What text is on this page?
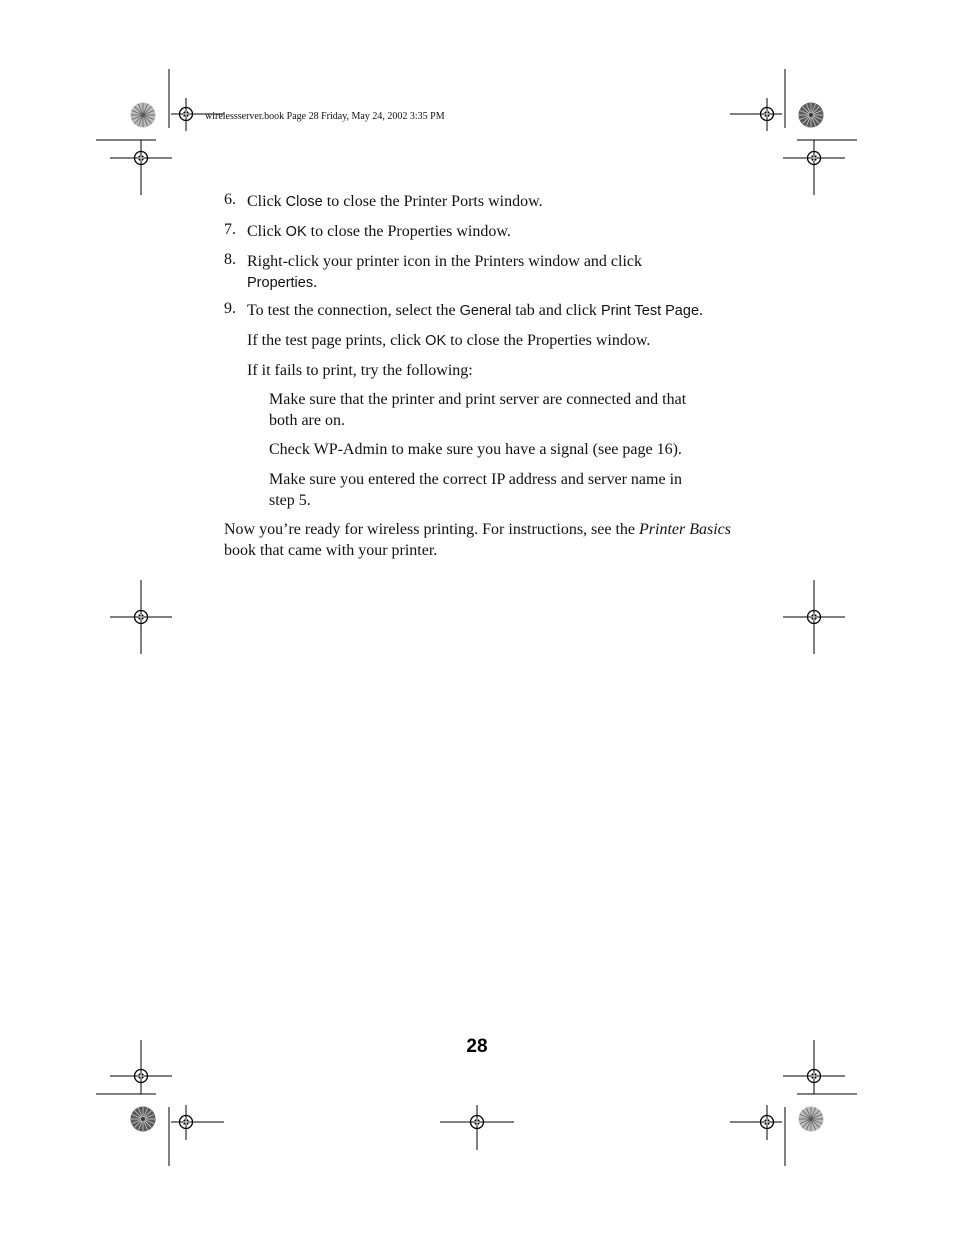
wirelessserver.book Page 28 Friday, May 24, 2002 3:35 PM
6. Click Close to close the Printer Ports window.
7. Click OK to close the Properties window.
8. Right-click your printer icon in the Printers window and click
Properties.
9. To test the connection, select the General tab and click Print Test Page.
If the test page prints, click OK to close the Properties window.
If it fails to print, try the following:
Make sure that the printer and print server are connected and that
both are on.
Check WP-Admin to make sure you have a signal (see page 16).
Make sure you entered the correct IP address and server name in
step 5.
Now you’re ready for wireless printing. For instructions, see the Printer Basics
book that came with your printer.
28
